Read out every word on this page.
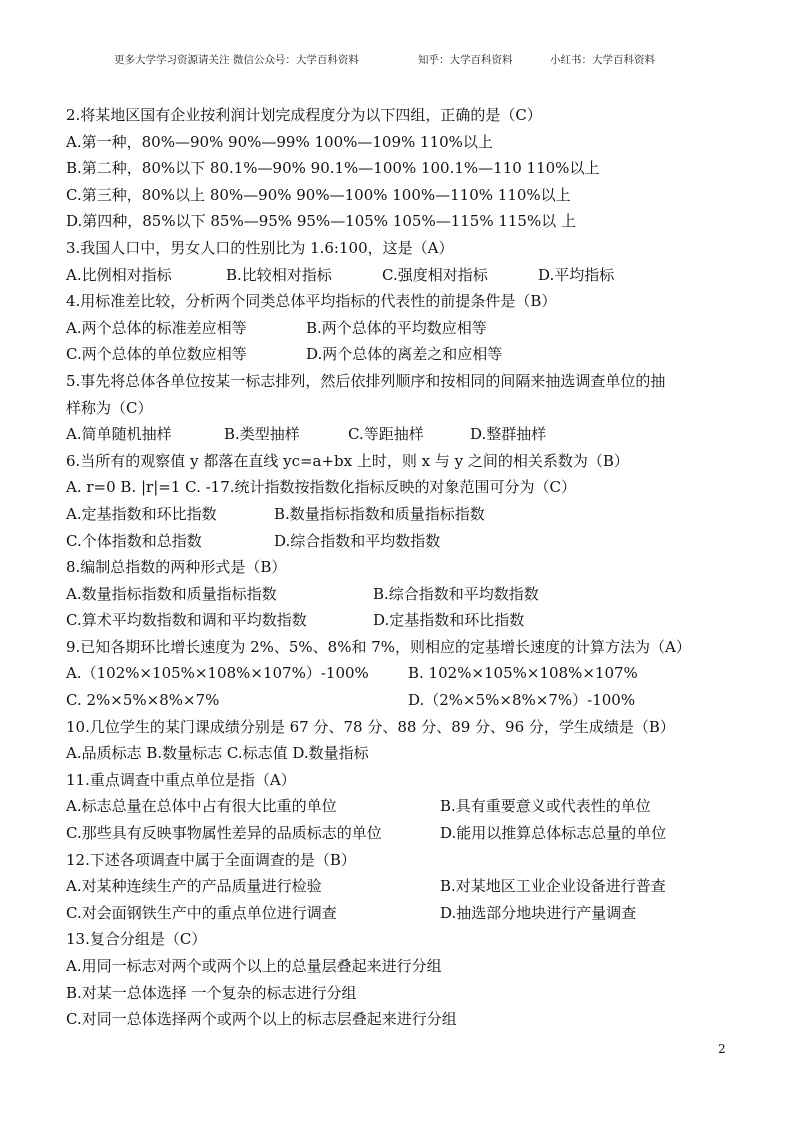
更多大学学习资源请关注 微信公众号：大学百科资料	知乎：大学百科资料	小红书：大学百科资料
2.将某地区国有企业按利润计划完成程度分为以下四组，正确的是（C）
A.第一种，80%—90% 90%—99% 100%—109% 110%以上
B.第二种，80%以下 80.1%—90% 90.1%—100% 100.1%—110 110%以上
C.第三种，80%以上 80%—90% 90%—100% 100%—110% 110%以上
D.第四种，85%以下 85%—95% 95%—105% 105%—115% 115%以 上
3.我国人口中，男女人口的性别比为 1.6:100，这是（A）
A.比例相对指标	B.比较相对指标	C.强度相对指标	D.平均指标
4.用标准差比较，分析两个同类总体平均指标的代表性的前提条件是（B）
A.两个总体的标准差应相等	B.两个总体的平均数应相等
C.两个总体的单位数应相等	D.两个总体的离差之和应相等
5.事先将总体各单位按某一标志排列，然后依排列顺序和按相同的间隔来抽选调查单位的抽
样称为（C）
A.简单随机抽样	B.类型抽样	C.等距抽样	D.整群抽样
6.当所有的观察值 y 都落在直线 yc=a+bx 上时，则 x 与 y 之间的相关系数为（B）
A. r=0 B. |r|=1 C. -17.统计指数按指数化指标反映的对象范围可分为（C）
A.定基指数和环比指数	B.数量指标指数和质量指标指数
C.个体指数和总指数	D.综合指数和平均数指数
8.编制总指数的两种形式是（B）
A.数量指标指数和质量指标指数	B.综合指数和平均数指数
C.算术平均数指数和调和平均数指数	D.定基指数和环比指数
9.已知各期环比增长速度为 2%、5%、8%和 7%，则相应的定基增长速度的计算方法为（A）
A.（102%×105%×108%×107%）-100%	B. 102%×105%×108%×107%
C. 2%×5%×8%×7%	D.（2%×5%×8%×7%）-100%
10.几位学生的某门课成绩分别是 67 分、78 分、88 分、89 分、96 分，学生成绩是（B）
A.品质标志 B.数量标志 C.标志值 D.数量指标
11.重点调查中重点单位是指（A）
A.标志总量在总体中占有很大比重的单位	B.具有重要意义或代表性的单位
C.那些具有反映事物属性差异的品质标志的单位	D.能用以推算总体标志总量的单位
12.下述各项调查中属于全面调查的是（B）
A.对某种连续生产的产品质量进行检验	B.对某地区工业企业设备进行普查
C.对会面钢铁生产中的重点单位进行调查	D.抽选部分地块进行产量调查
13.复合分组是（C）
A.用同一标志对两个或两个以上的总量层叠起来进行分组
B.对某一总体选择 一个复杂的标志进行分组
C.对同一总体选择两个或两个以上的标志层叠起来进行分组
2
